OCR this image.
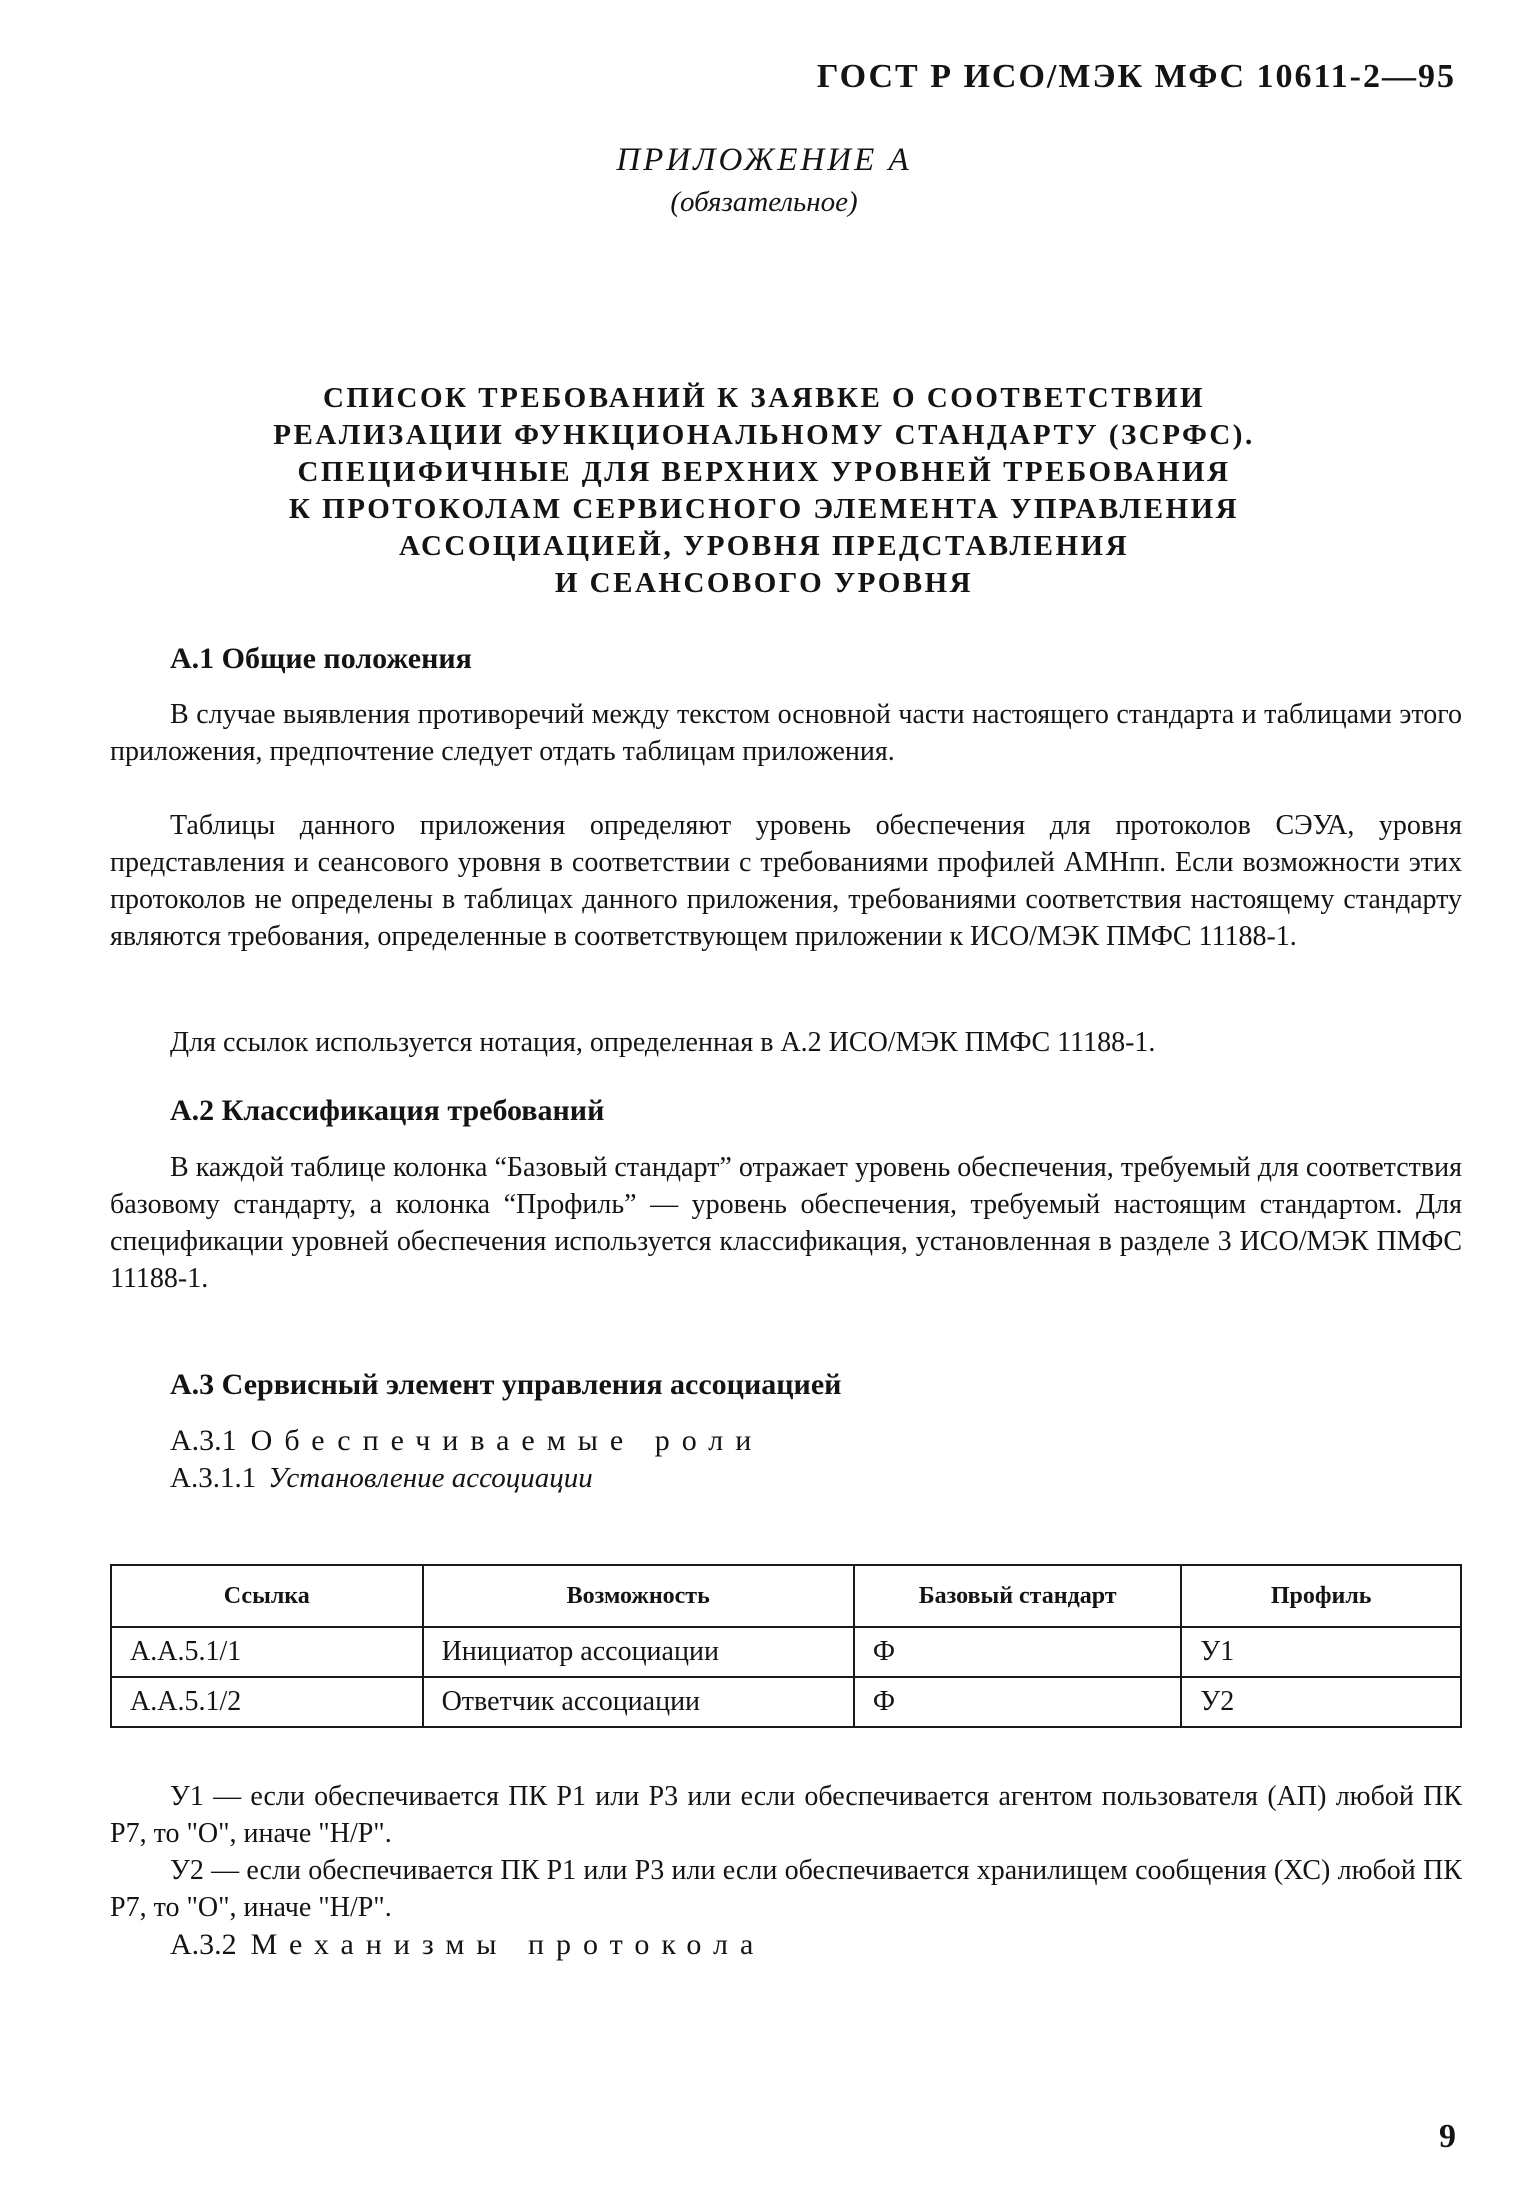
ГОСТ Р ИСО/МЭК МФС 10611-2—95
ПРИЛОЖЕНИЕ А
(обязательное)
СПИСОК ТРЕБОВАНИЙ К ЗАЯВКЕ О СООТВЕТСТВИИ
РЕАЛИЗАЦИИ ФУНКЦИОНАЛЬНОМУ СТАНДАРТУ (ЗСРФС).
СПЕЦИФИЧНЫЕ ДЛЯ ВЕРХНИХ УРОВНЕЙ ТРЕБОВАНИЯ
К ПРОТОКОЛАМ СЕРВИСНОГО ЭЛЕМЕНТА УПРАВЛЕНИЯ
АССОЦИАЦИЕЙ, УРОВНЯ ПРЕДСТАВЛЕНИЯ
И СЕАНСОВОГО УРОВНЯ
А.1 Общие положения
В случае выявления противоречий между текстом основной части настоящего стандарта и таблицами этого приложения, предпочтение следует отдать таблицам приложения.
Таблицы данного приложения определяют уровень обеспечения для протоколов СЭУА, уровня представления и сеансового уровня в соответствии с требованиями профилей АМНпп. Если возможности этих протоколов не определены в таблицах данного приложения, требованиями соответствия настоящему стандарту являются требования, определенные в соответствующем приложении к ИСО/МЭК ПМФС 11188-1.
Для ссылок используется нотация, определенная в А.2 ИСО/МЭК ПМФС 11188-1.
А.2 Классификация требований
В каждой таблице колонка “Базовый стандарт” отражает уровень обеспечения, требуемый для соответствия базовому стандарту, а колонка “Профиль” — уровень обеспечения, требуемый настоящим стандартом. Для спецификации уровней обеспечения используется классификация, установленная в разделе 3 ИСО/МЭК ПМФС 11188-1.
А.3 Сервисный элемент управления ассоциацией
А.3.1 Обеспечиваемые роли
А.3.1.1 Установление ассоциации
Ссылка	Возможность	Базовый стандарт	Профиль
А.А.5.1/1	Инициатор ассоциации	Ф	У1
А.А.5.1/2	Ответчик ассоциации	Ф	У2
У1 — если обеспечивается ПК Р1 или Р3 или если обеспечивается агентом пользователя (АП) любой ПК Р7, то "О", иначе "Н/Р".
У2 — если обеспечивается ПК Р1 или Р3 или если обеспечивается хранилищем сообщения (ХС) любой ПК Р7, то "О", иначе "Н/Р".
А.3.2 Механизмы протокола
9
